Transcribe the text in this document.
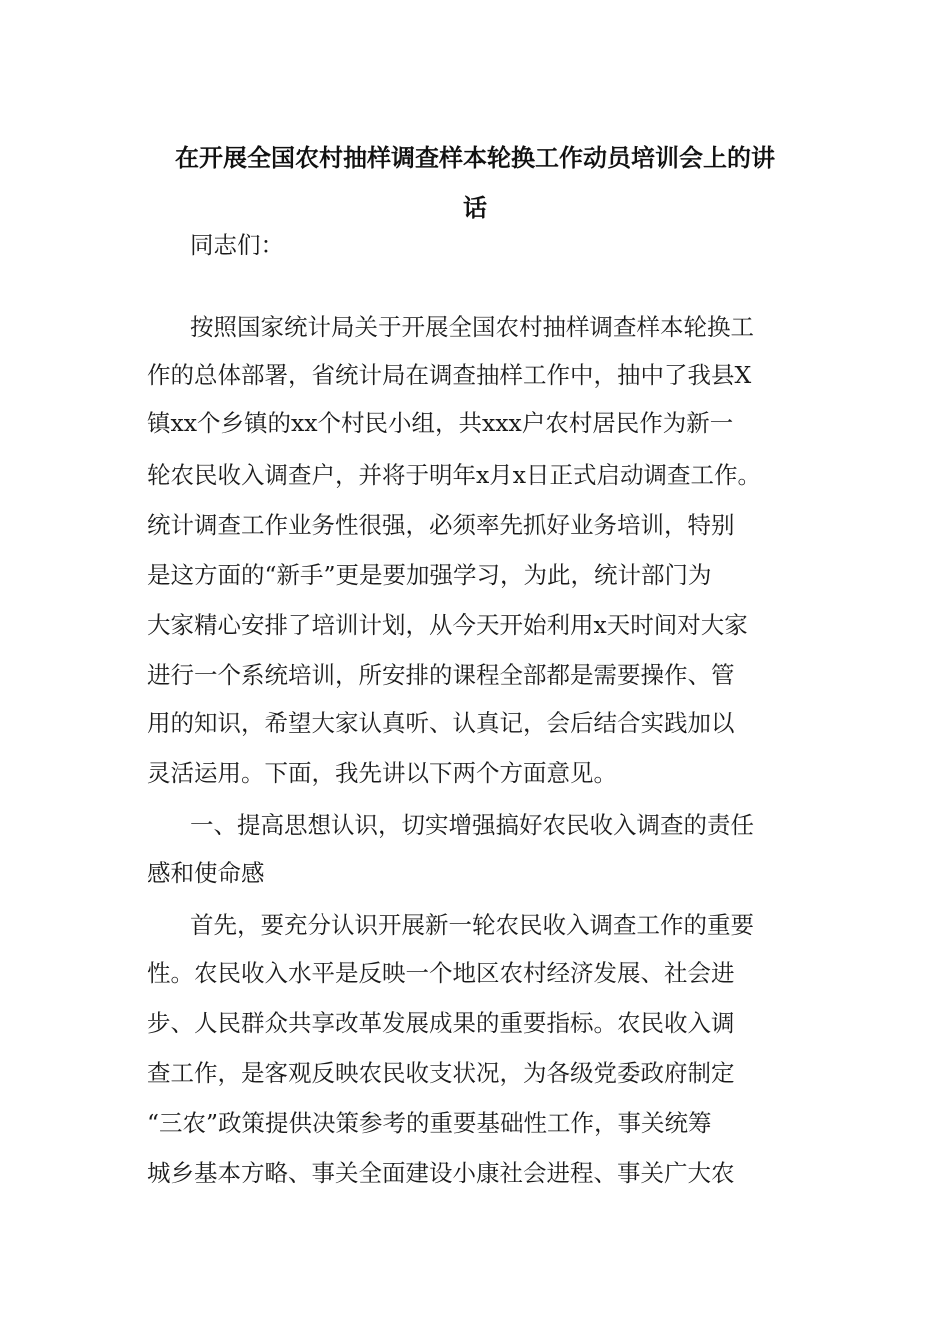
在开展全国农村抽样调查样本轮换工作动员培训会上的讲
话

同志们：

按照国家统计局关于开展全国农村抽样调查样本轮换工

作的总体部署，省统计局在调查抽样工作中，抽中了我县X

镇xx个乡镇的xx个村民小组，共xxx户农村居民作为新一

轮农民收入调查户，并将于明年x月x日正式启动调查工作。

统计调查工作业务性很强，必须率先抓好业务培训，特别

是这方面的“新手”更是要加强学习，为此，统计部门为

大家精心安排了培训计划，从今天开始利用x天时间对大家

进行一个系统培训，所安排的课程全部都是需要操作、管

用的知识，希望大家认真听、认真记，会后结合实践加以

灵活运用。下面，我先讲以下两个方面意见。

一、提高思想认识，切实增强搞好农民收入调查的责任

感和使命感

首先，要充分认识开展新一轮农民收入调查工作的重要

性。农民收入水平是反映一个地区农村经济发展、社会进

步、人民群众共享改革发展成果的重要指标。农民收入调

查工作，是客观反映农民收支状况，为各级党委政府制定

“三农”政策提供决策参考的重要基础性工作，事关统筹

城乡基本方略、事关全面建设小康社会进程、事关广大农
